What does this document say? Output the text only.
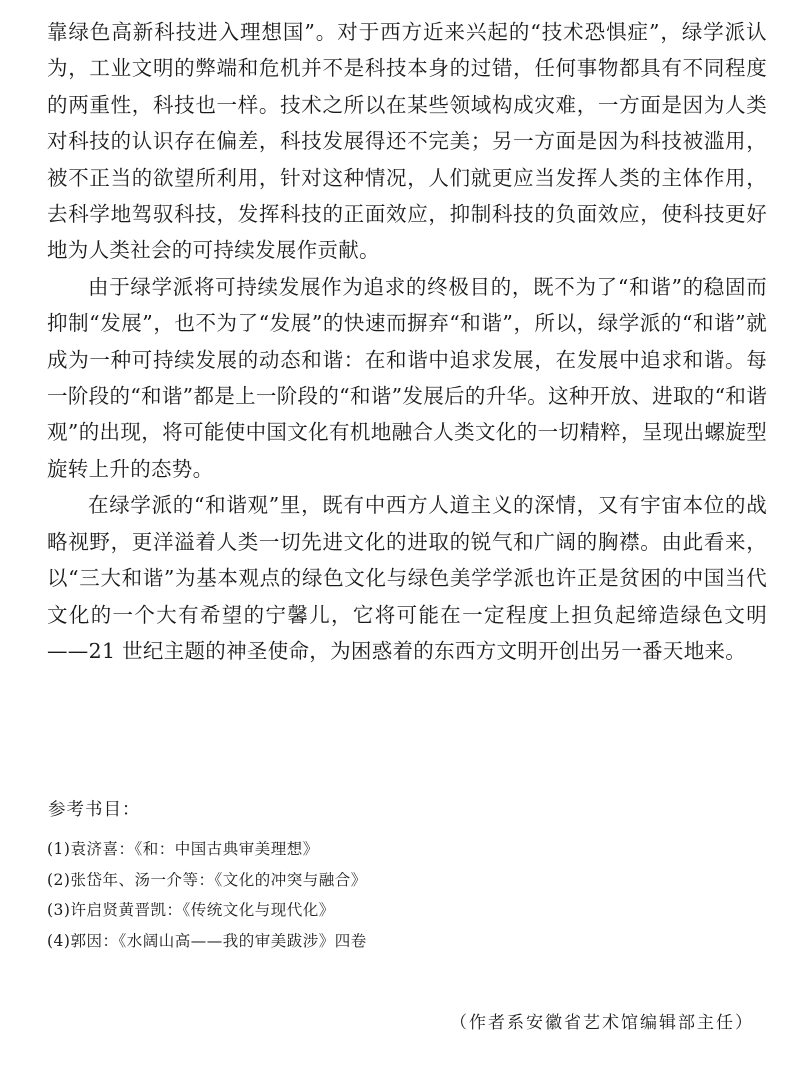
靠绿色高新科技进入理想国”。对于西方近来兴起的“技术恐惧症”，绿学派认为，工业文明的弊端和危机并不是科技本身的过错，任何事物都具有不同程度的两重性，科技也一样。技术之所以在某些领域构成灾难，一方面是因为人类对科技的认识存在偏差，科技发展得还不完美；另一方面是因为科技被滥用，被不正当的欲望所利用，针对这种情况，人们就更应当发挥人类的主体作用，去科学地驾驭科技，发挥科技的正面效应，抑制科技的负面效应，使科技更好地为人类社会的可持续发展作贡献。

由于绿学派将可持续发展作为追求的终极目的，既不为了“和谐”的稳固而抑制“发展”，也不为了“发展”的快速而摒弃“和谐”，所以，绿学派的“和谐”就成为一种可持续发展的动态和谐：在和谐中追求发展，在发展中追求和谐。每一阶段的“和谐”都是上一阶段的“和谐”发展后的升华。这种开放、进取的“和谐观”的出现，将可能使中国文化有机地融合人类文化的一切精粹，呈现出螺旋型旋转上升的态势。

在绿学派的“和谐观”里，既有中西方人道主义的深情，又有宇宙本位的战略视野，更洋溢着人类一切先进文化的进取的锐气和广阔的胸襟。由此看来，以“三大和谐”为基本观点的绿色文化与绿色美学学派也许正是贫困的中国当代文化的一个大有希望的宁馨儿，它将可能在一定程度上担负起缔造绿色文明——21 世纪主题的神圣使命，为困惑着的东西方文明开创出另一番天地来。

参考书目：

(1)袁济喜：《和：中国古典审美理想》
(2)张岱年、汤一介等：《文化的冲突与融合》
(3)许启贤黄晋凯：《传统文化与现代化》
(4)郭因：《水阔山高——我的审美跋涉》四卷

（作者系安徽省艺术馆编辑部主任）
